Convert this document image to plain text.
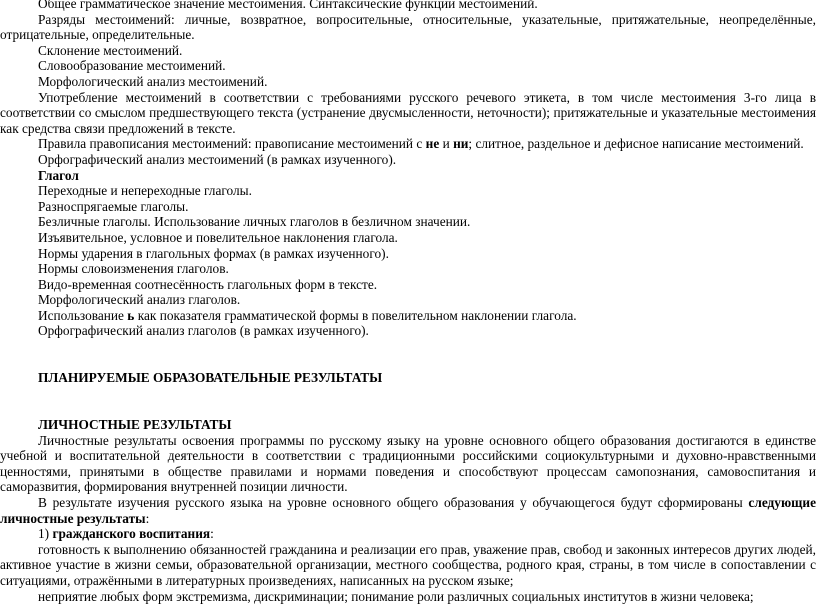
Общее грамматическое значение местоимения. Синтаксические функции местоимений.

Разряды местоимений: личные, возвратное, вопросительные, относительные, указательные, притяжательные, неопределённые, отрицательные, определительные.

Склонение местоимений.

Словообразование местоимений.

Морфологический анализ местоимений.

Употребление местоимений в соответствии с требованиями русского речевого этикета, в том числе местоимения 3-го лица в соответствии со смыслом предшествующего текста (устранение двусмысленности, неточности); притяжательные и указательные местоимения как средства связи предложений в тексте.

Правила правописания местоимений: правописание местоимений с не и ни; слитное, раздельное и дефисное написание местоимений.

Орфографический анализ местоимений (в рамках изученного).

Глагол

Переходные и непереходные глаголы.

Разноспрягаемые глаголы.

Безличные глаголы. Использование личных глаголов в безличном значении.

Изъявительное, условное и повелительное наклонения глагола.

Нормы ударения в глагольных формах (в рамках изученного).

Нормы словоизменения глаголов.

Видо-временная соотнесённость глагольных форм в тексте.

Морфологический анализ глаголов.

Использование ь как показателя грамматической формы в повелительном наклонении глагола.

Орфографический анализ глаголов (в рамках изученного).

ПЛАНИРУЕМЫЕ ОБРАЗОВАТЕЛЬНЫЕ РЕЗУЛЬТАТЫ

ЛИЧНОСТНЫЕ РЕЗУЛЬТАТЫ

Личностные результаты освоения программы по русскому языку на уровне основного общего образования достигаются в единстве учебной и воспитательной деятельности в соответствии с традиционными российскими социокультурными и духовно-нравственными ценностями, принятыми в обществе правилами и нормами поведения и способствуют процессам самопознания, самовоспитания и саморазвития, формирования внутренней позиции личности.

В результате изучения русского языка на уровне основного общего образования у обучающегося будут сформированы следующие личностные результаты:

1) гражданского воспитания:

готовность к выполнению обязанностей гражданина и реализации его прав, уважение прав, свобод и законных интересов других людей, активное участие в жизни семьи, образовательной организации, местного сообщества, родного края, страны, в том числе в сопоставлении с ситуациями, отражёнными в литературных произведениях, написанных на русском языке;

неприятие любых форм экстремизма, дискриминации; понимание роли различных социальных институтов в жизни человека;
